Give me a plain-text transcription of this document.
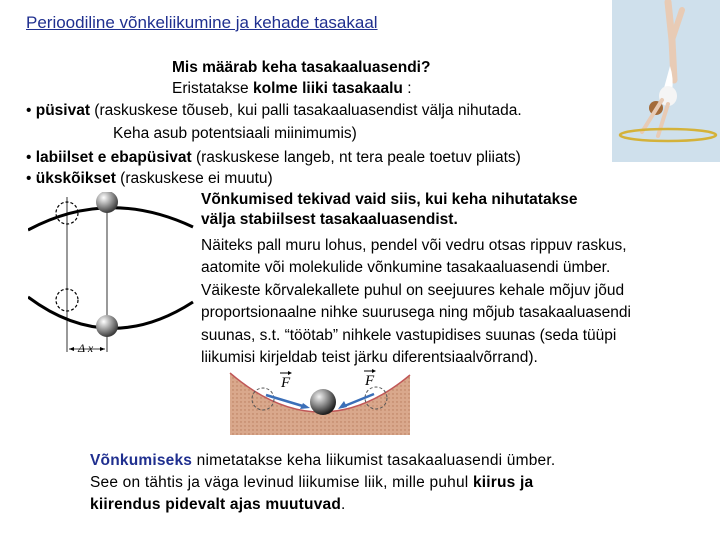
Perioodiline võnkeliikumine ja kehade tasakaal
Mis määrab keha tasakaaluasendi?
Eristatakse kolme liiki tasakaalu :
• püsivat (raskuskese tõuseb, kui palli tasakaaluasendist välja nihutada.
Keha asub potentsiaali miinimumis)
• labiilset e ebapüsivat (raskuskese langeb, nt tera peale toetuv pliiats)
• ükskõikset (raskuskese ei muutu)
Võnkumised tekivad vaid siis, kui keha nihutatakse
välja stabiilsest tasakaaluasendist.
Näiteks pall muru lohus, pendel või vedru otsas rippuv raskus,
aatomite või molekulide võnkumine tasakaaluasendi ümber.
Väikeste kõrvalekallete puhul on seejuures kehale mõjuv jõud
proportsionaalne nihke suurusega ning mõjub tasakaaluasendi
suunas, s.t. “töötab” nihkele vastupidises suunas (seda tüüpi
liikumisi kirjeldab teist järku diferentsiaalvõrrand).
Δ x
F	F
Võnkumiseks nimetatakse keha liikumist tasakaaluasendi ümber.
See on tähtis ja väga levinud liikumise liik, mille puhul kiirus ja
kiirendus pidevalt ajas muutuvad.
